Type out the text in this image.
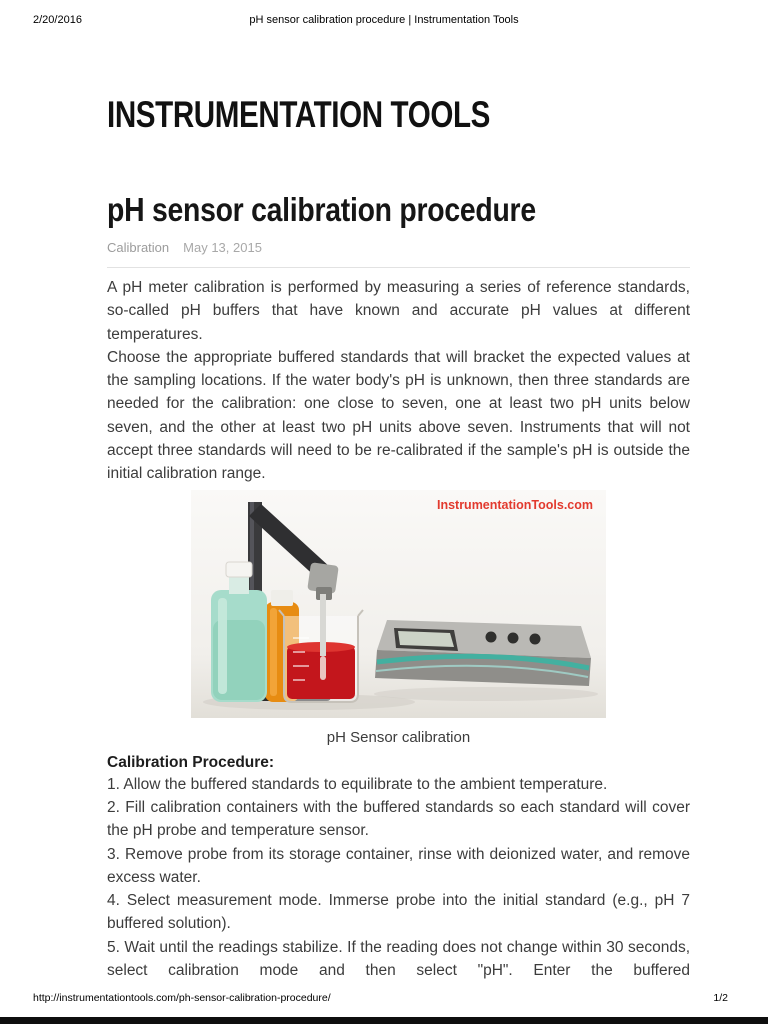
2/20/2016	pH sensor calibration procedure | Instrumentation Tools
INSTRUMENTATION TOOLS
pH sensor calibration procedure
Calibration May 13, 2015

A pH meter calibration is performed by measuring a series of reference standards, so-called pH buffers that have known and accurate pH values at different temperatures.

Choose the appropriate buffered standards that will bracket the expected values at the sampling locations. If the water body's pH is unknown, then three standards are needed for the calibration: one close to seven, one at least two pH units below seven, and the other at least two pH units above seven. Instruments that will not accept three standards will need to be re-calibrated if the sample's pH is outside the initial calibration range.

InstrumentationTools.com
pH Sensor calibration
Calibration Procedure:

1. Allow the buffered standards to equilibrate to the ambient temperature.

2. Fill calibration containers with the buffered standards so each standard will cover the pH probe and temperature sensor.

3. Remove probe from its storage container, rinse with deionized water, and remove excess water.

4. Select measurement mode. Immerse probe into the initial standard (e.g., pH 7 buffered solution).

5. Wait until the readings stabilize. If the reading does not change within 30 seconds, select calibration mode and then select "pH". Enter the buffered

http://instrumentationtools.com/ph-sensor-calibration-procedure/	1/2
